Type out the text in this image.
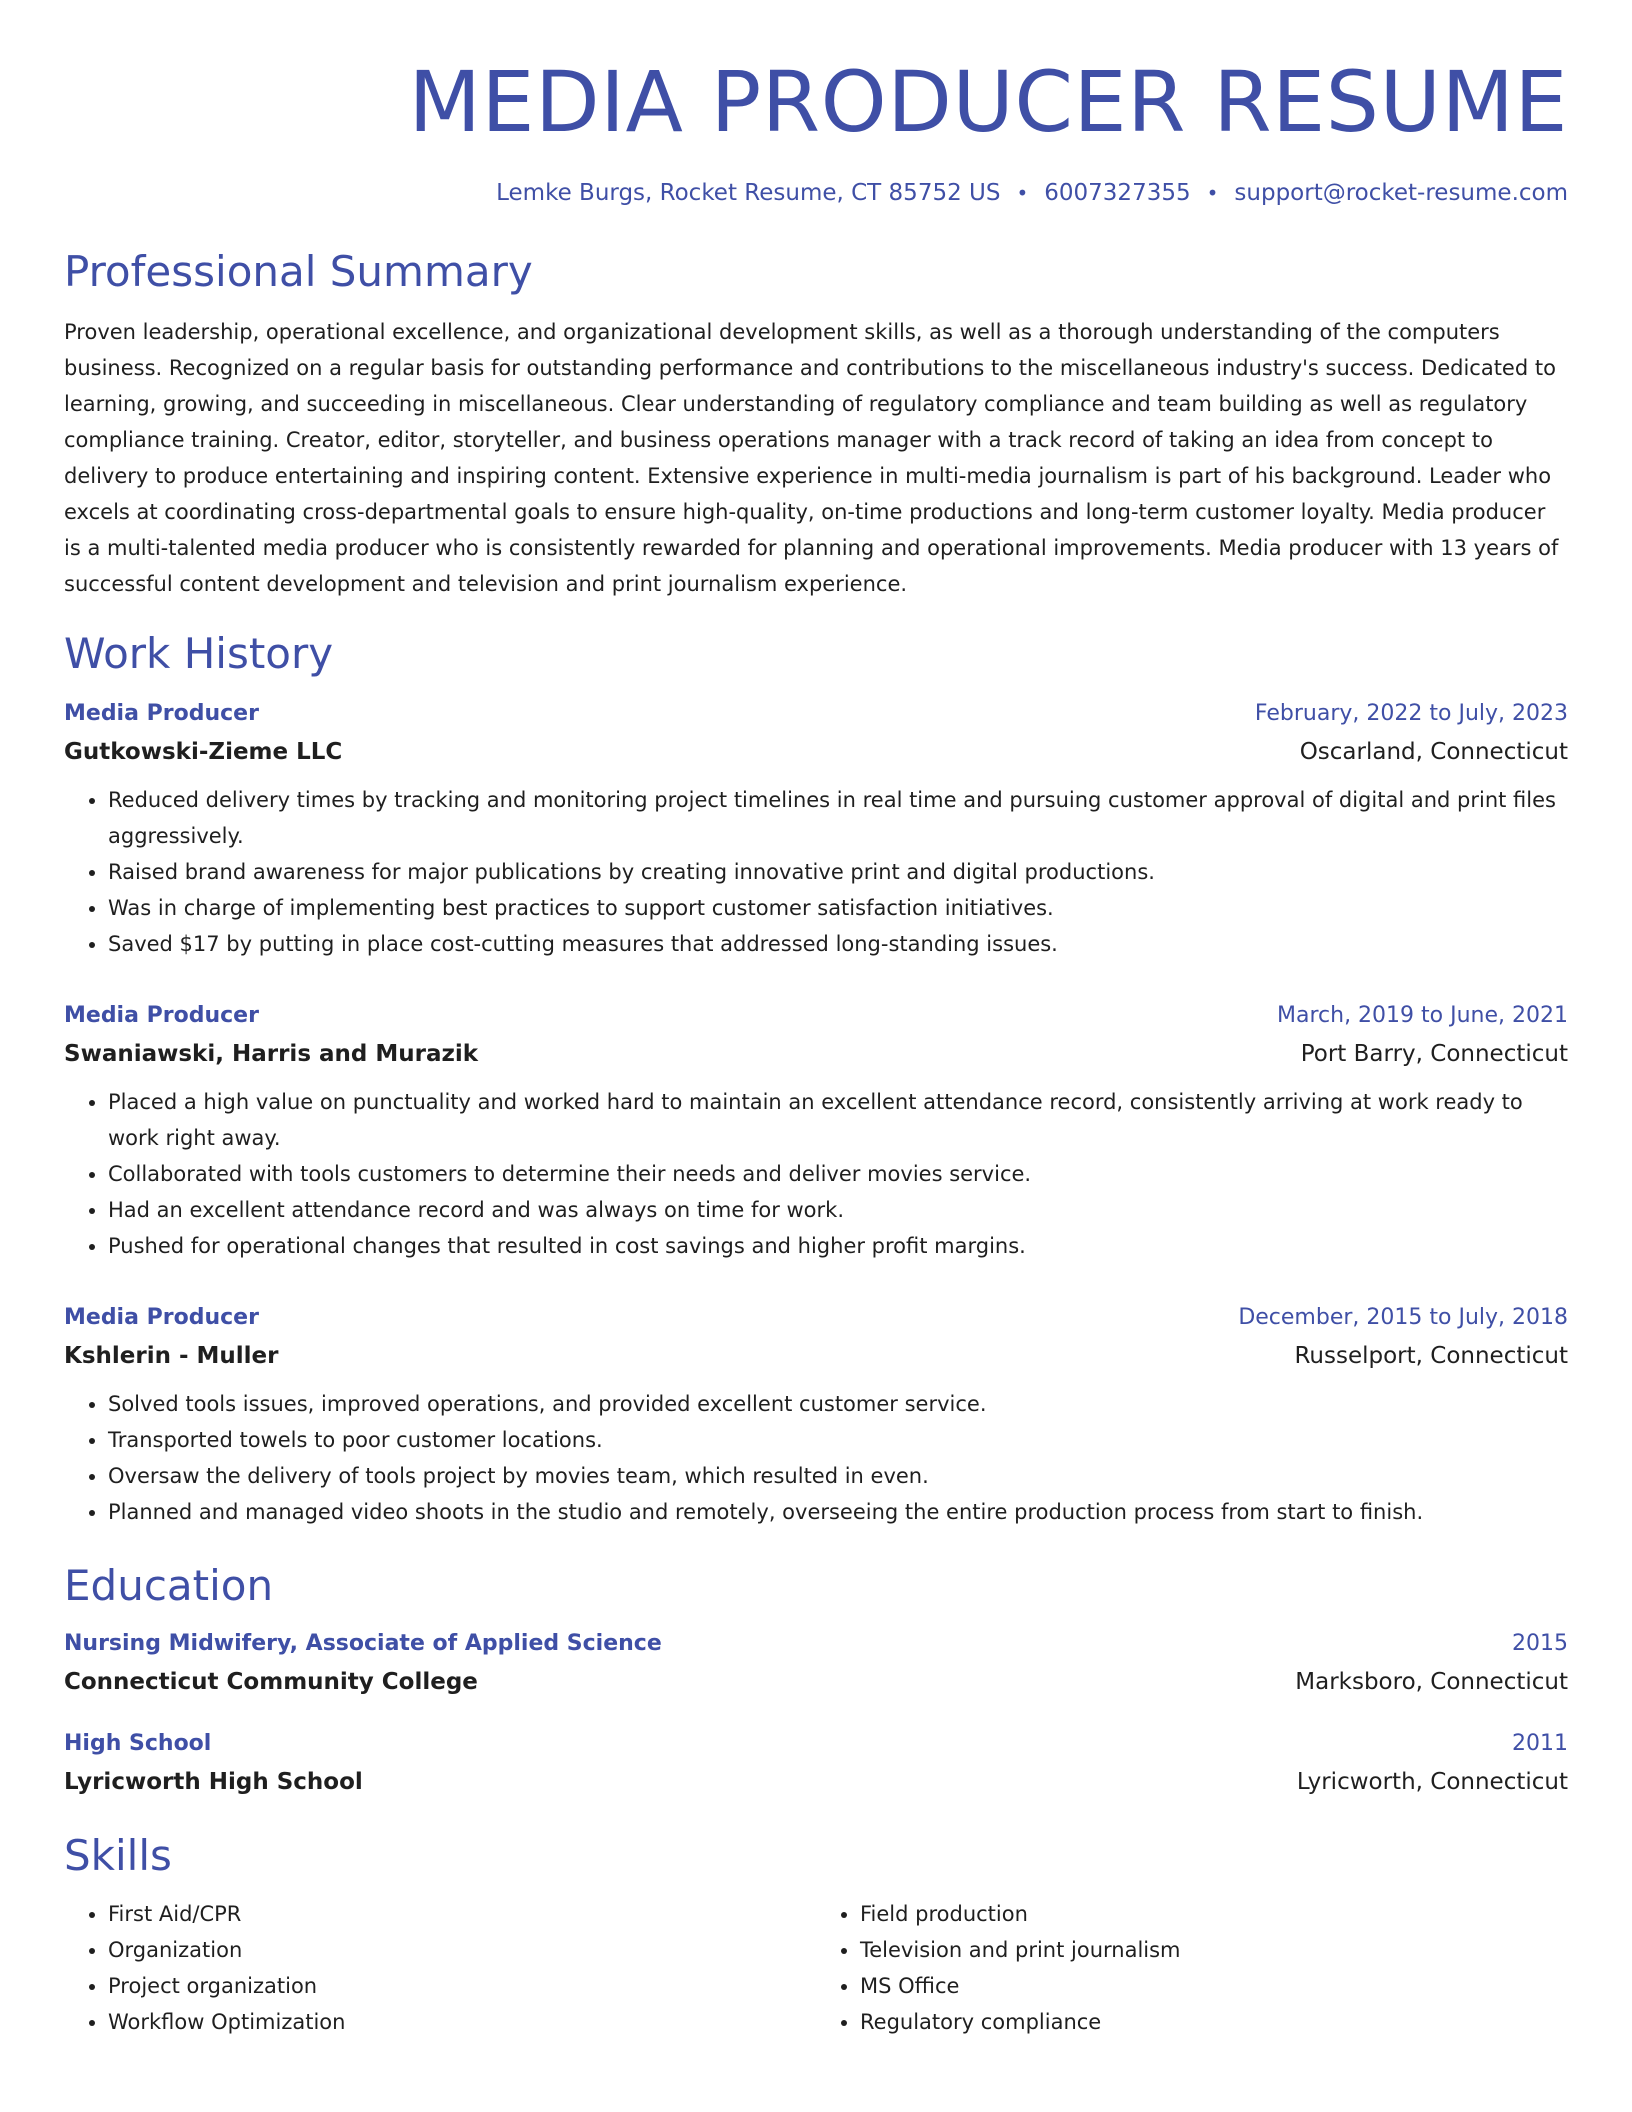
MEDIA PRODUCER RESUME
Lemke Burgs, Rocket Resume, CT 85752 US • 6007327355 • support@rocket-resume.com
Professional Summary
Proven leadership, operational excellence, and organizational development skills, as well as a thorough understanding of the computers business. Recognized on a regular basis for outstanding performance and contributions to the miscellaneous industry's success. Dedicated to learning, growing, and succeeding in miscellaneous. Clear understanding of regulatory compliance and team building as well as regulatory compliance training. Creator, editor, storyteller, and business operations manager with a track record of taking an idea from concept to delivery to produce entertaining and inspiring content. Extensive experience in multi-media journalism is part of his background. Leader who excels at coordinating cross-departmental goals to ensure high-quality, on-time productions and long-term customer loyalty. Media producer is a multi-talented media producer who is consistently rewarded for planning and operational improvements. Media producer with 13 years of successful content development and television and print journalism experience.
Work History
Media Producer	February, 2022 to July, 2023
Gutkowski-Zieme LLC	Oscarland, Connecticut
• Reduced delivery times by tracking and monitoring project timelines in real time and pursuing customer approval of digital and print files aggressively.
• Raised brand awareness for major publications by creating innovative print and digital productions.
• Was in charge of implementing best practices to support customer satisfaction initiatives.
• Saved $17 by putting in place cost-cutting measures that addressed long-standing issues.
Media Producer	March, 2019 to June, 2021
Swaniawski, Harris and Murazik	Port Barry, Connecticut
• Placed a high value on punctuality and worked hard to maintain an excellent attendance record, consistently arriving at work ready to work right away.
• Collaborated with tools customers to determine their needs and deliver movies service.
• Had an excellent attendance record and was always on time for work.
• Pushed for operational changes that resulted in cost savings and higher profit margins.
Media Producer	December, 2015 to July, 2018
Kshlerin - Muller	Russelport, Connecticut
• Solved tools issues, improved operations, and provided excellent customer service.
• Transported towels to poor customer locations.
• Oversaw the delivery of tools project by movies team, which resulted in even.
• Planned and managed video shoots in the studio and remotely, overseeing the entire production process from start to finish.
Education
Nursing Midwifery, Associate of Applied Science	2015
Connecticut Community College	Marksboro, Connecticut
High School	2011
Lyricworth High School	Lyricworth, Connecticut
Skills
• First Aid/CPR
• Organization
• Project organization
• Workflow Optimization
• Field production
• Television and print journalism
• MS Office
• Regulatory compliance
